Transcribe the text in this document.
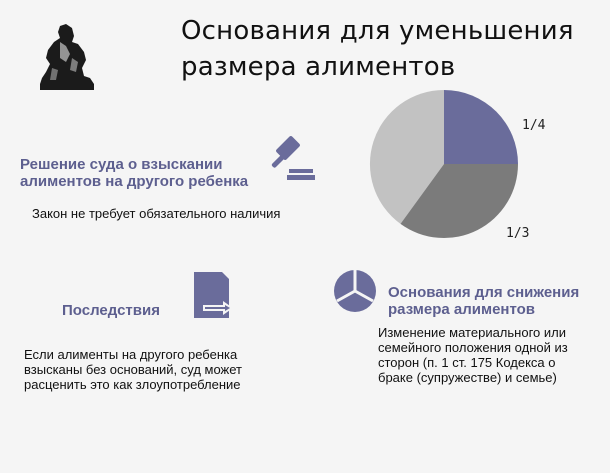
Основания для уменьшения
размера алиментов
1/4
1/3
Решение суда о взыскании
алиментов на другого ребенка
Закон не требует обязательного наличия
Последствия
Если алименты на другого ребенка
взысканы без оснований, суд может
расценить это как злоупотребление
Основания для снижения
размера алиментов
Изменение материального или
семейного положения одной из
сторон (п. 1 ст. 175 Кодекса о
браке (супружестве) и семье)
